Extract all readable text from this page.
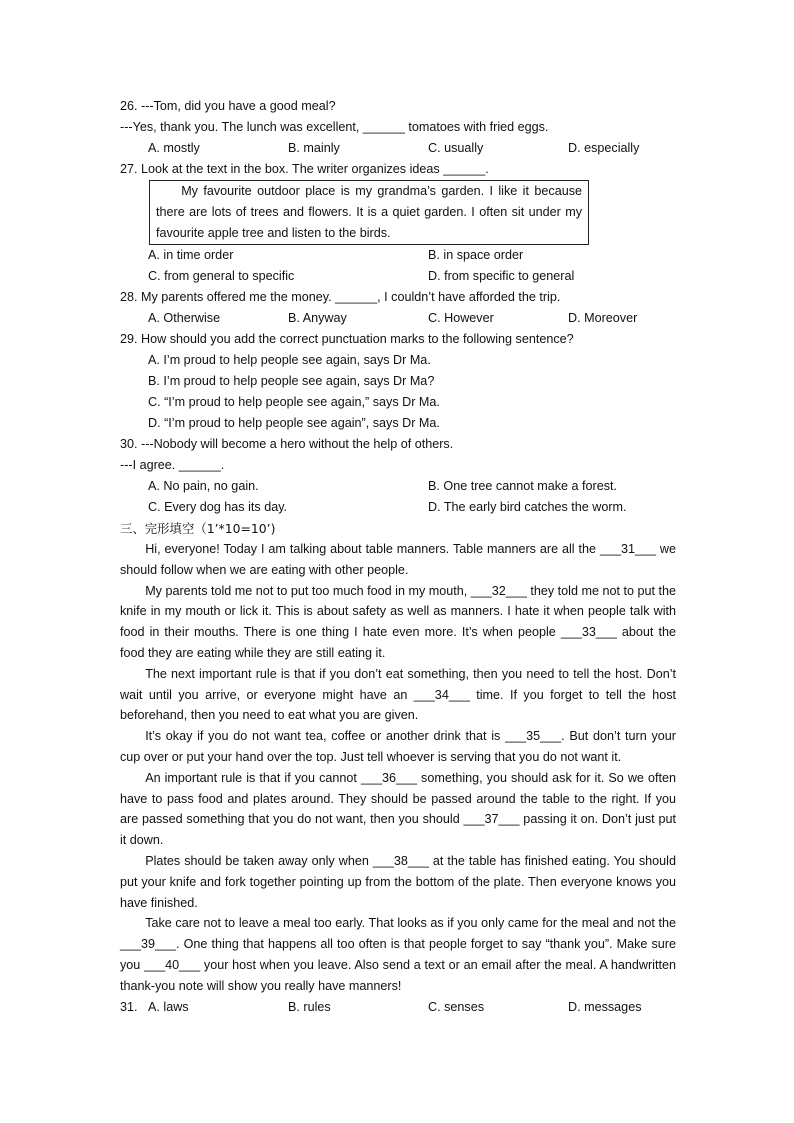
26. ---Tom, did you have a good meal?
---Yes, thank you. The lunch was excellent, ______ tomatoes with fried eggs.
A. mostly	B. mainly	C. usually	D. especially
27. Look at the text in the box. The writer organizes ideas ______.

My favourite outdoor place is my grandma’s garden. I like it because there are lots of trees and flowers. It is a quiet garden. I often sit under my favourite apple tree and listen to the birds.

A. in time order	B. in space order
C. from general to specific	D. from specific to general
28. My parents offered me the money. ______, I couldn’t have afforded the trip.
A. Otherwise	B. Anyway	C. However	D. Moreover
29. How should you add the correct punctuation marks to the following sentence?
A. I’m proud to help people see again, says Dr Ma.
B. I’m proud to help people see again, says Dr Ma?
C. “I’m proud to help people see again,” says Dr Ma.
D. “I’m proud to help people see again”, says Dr Ma.
30. ---Nobody will become a hero without the help of others.
---I agree. ______.
A. No pain, no gain.	B. One tree cannot make a forest.
C. Every dog has its day.	D. The early bird catches the worm.
三、完形填空（1’*10=10’)

Hi, everyone! Today I am talking about table manners. Table manners are all the ___31___ we should follow when we are eating with other people.

My parents told me not to put too much food in my mouth, ___32___ they told me not to put the knife in my mouth or lick it. This is about safety as well as manners. I hate it when people talk with food in their mouths. There is one thing I hate even more. It’s when people ___33___ about the food they are eating while they are still eating it.

The next important rule is that if you don’t eat something, then you need to tell the host. Don’t wait until you arrive, or everyone might have an ___34___ time. If you forget to tell the host beforehand, then you need to eat what you are given.

It’s okay if you do not want tea, coffee or another drink that is ___35___. But don’t turn your cup over or put your hand over the top. Just tell whoever is serving that you do not want it.

An important rule is that if you cannot ___36___ something, you should ask for it. So we often have to pass food and plates around. They should be passed around the table to the right. If you are passed something that you do not want, then you should ___37___ passing it on. Don’t just put it down.

Plates should be taken away only when ___38___ at the table has finished eating. You should put your knife and fork together pointing up from the bottom of the plate. Then everyone knows you have finished.

Take care not to leave a meal too early. That looks as if you only came for the meal and not the ___39___. One thing that happens all too often is that people forget to say “thank you”. Make sure you ___40___ your host when you leave. Also send a text or an email after the meal. A handwritten thank-you note will show you really have manners!

31. A. laws	B. rules	C. senses	D. messages
